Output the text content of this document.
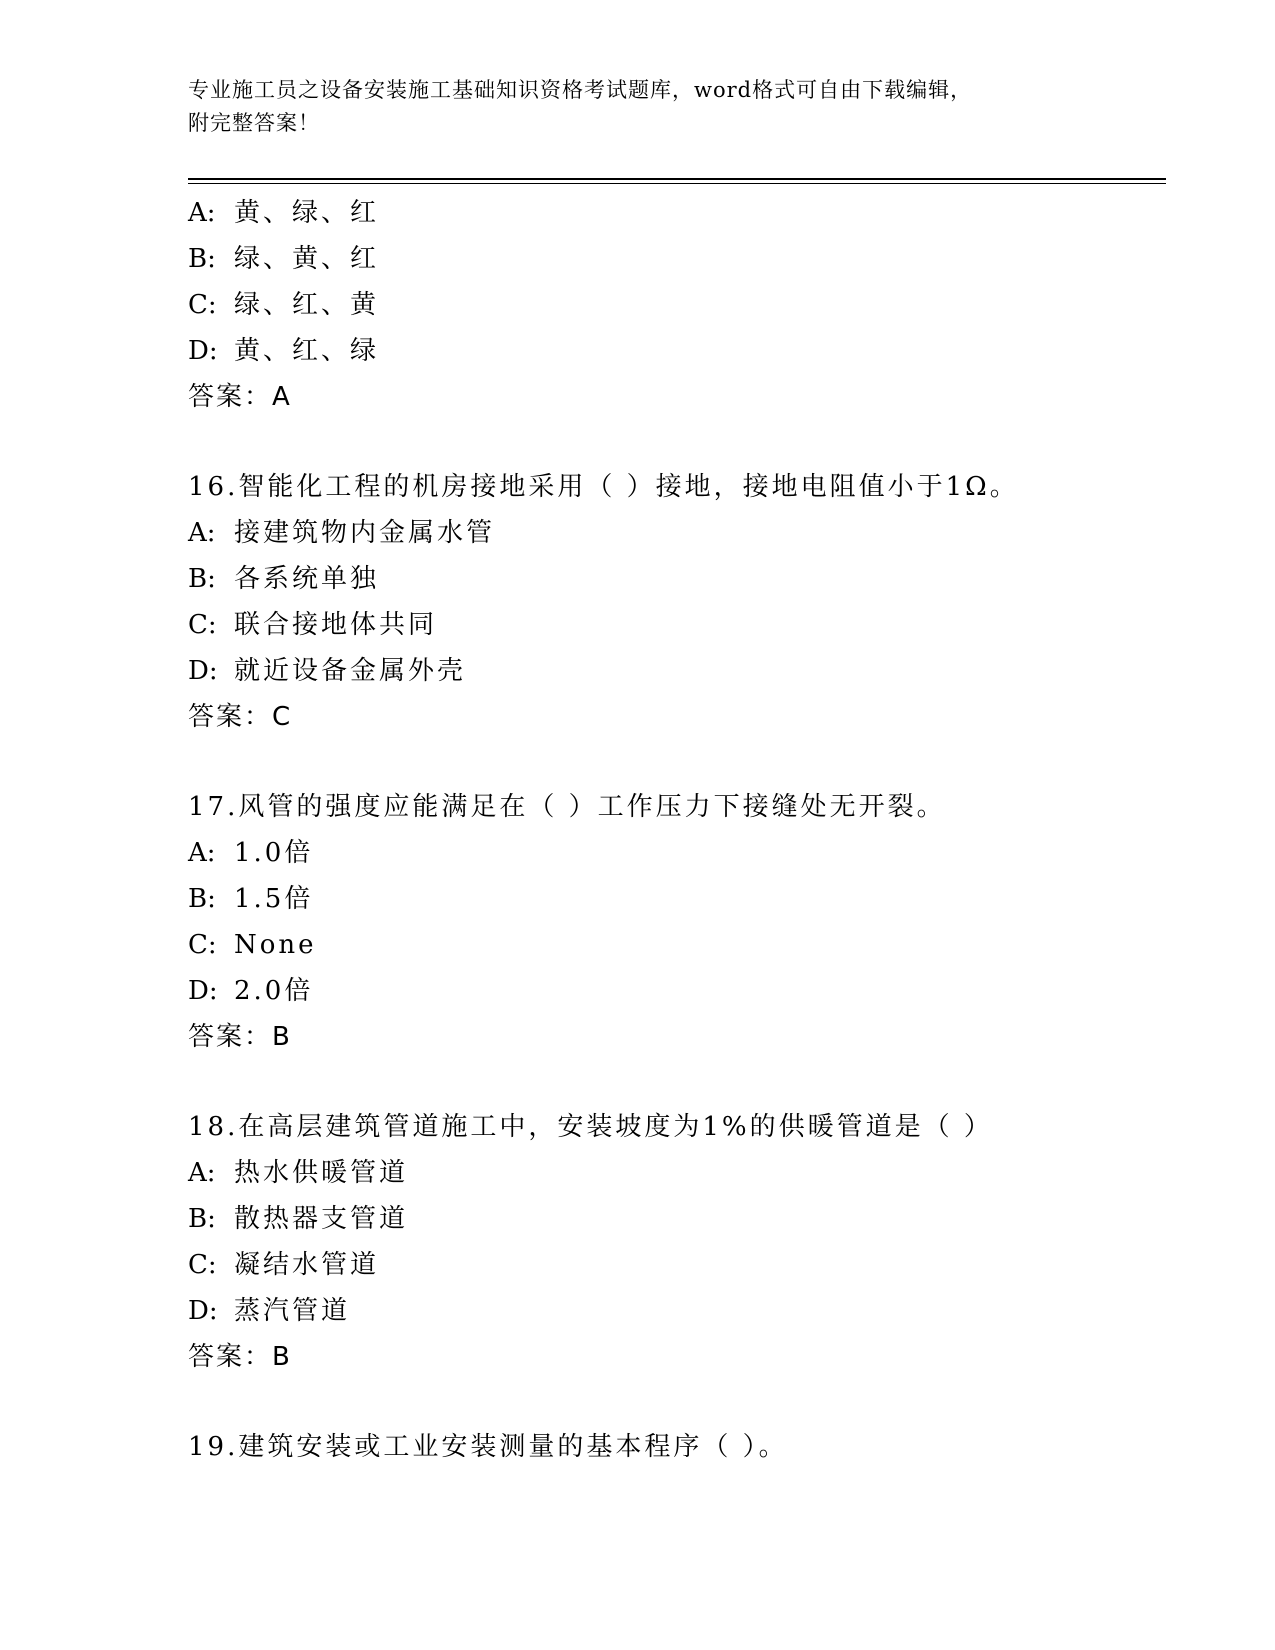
专业施工员之设备安装施工基础知识资格考试题库，word格式可自由下载编辑，
附完整答案！
A: 黄、绿、红
B: 绿、黄、红
C: 绿、红、黄
D: 黄、红、绿
答案：A
16.智能化工程的机房接地采用（ ）接地，接地电阻值小于1Ω。
A: 接建筑物内金属水管
B: 各系统单独
C: 联合接地体共同
D: 就近设备金属外壳
答案：C
17.风管的强度应能满足在（ ）工作压力下接缝处无开裂。
A: 1.0倍
B: 1.5倍
C: None
D: 2.0倍
答案：B
18.在高层建筑管道施工中，安装坡度为1%的供暖管道是（ ）
A: 热水供暖管道
B: 散热器支管道
C: 凝结水管道
D: 蒸汽管道
答案：B
19.建筑安装或工业安装测量的基本程序（ ）。
